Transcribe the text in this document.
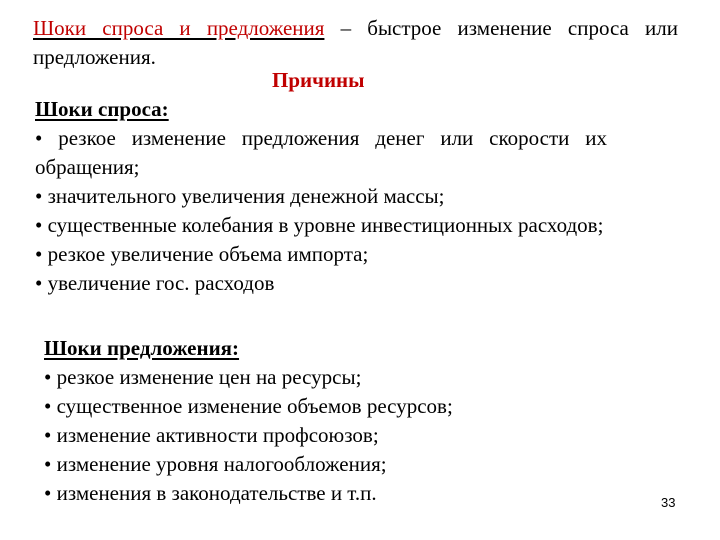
Шоки спроса и предложения – быстрое изменение спроса или предложения.
Причины
Шоки спроса:
• резкое изменение предложения денег или скорости их обращения;
• значительного увеличения денежной массы;
• существенные колебания в уровне инвестиционных расходов;
• резкое увеличение объема импорта;
• увеличение гос. расходов
Шоки предложения:
• резкое изменение цен на ресурсы;
• существенное изменение объемов ресурсов;
• изменение активности профсоюзов;
• изменение уровня налогообложения;
• изменения в законодательстве и т.п.	33
